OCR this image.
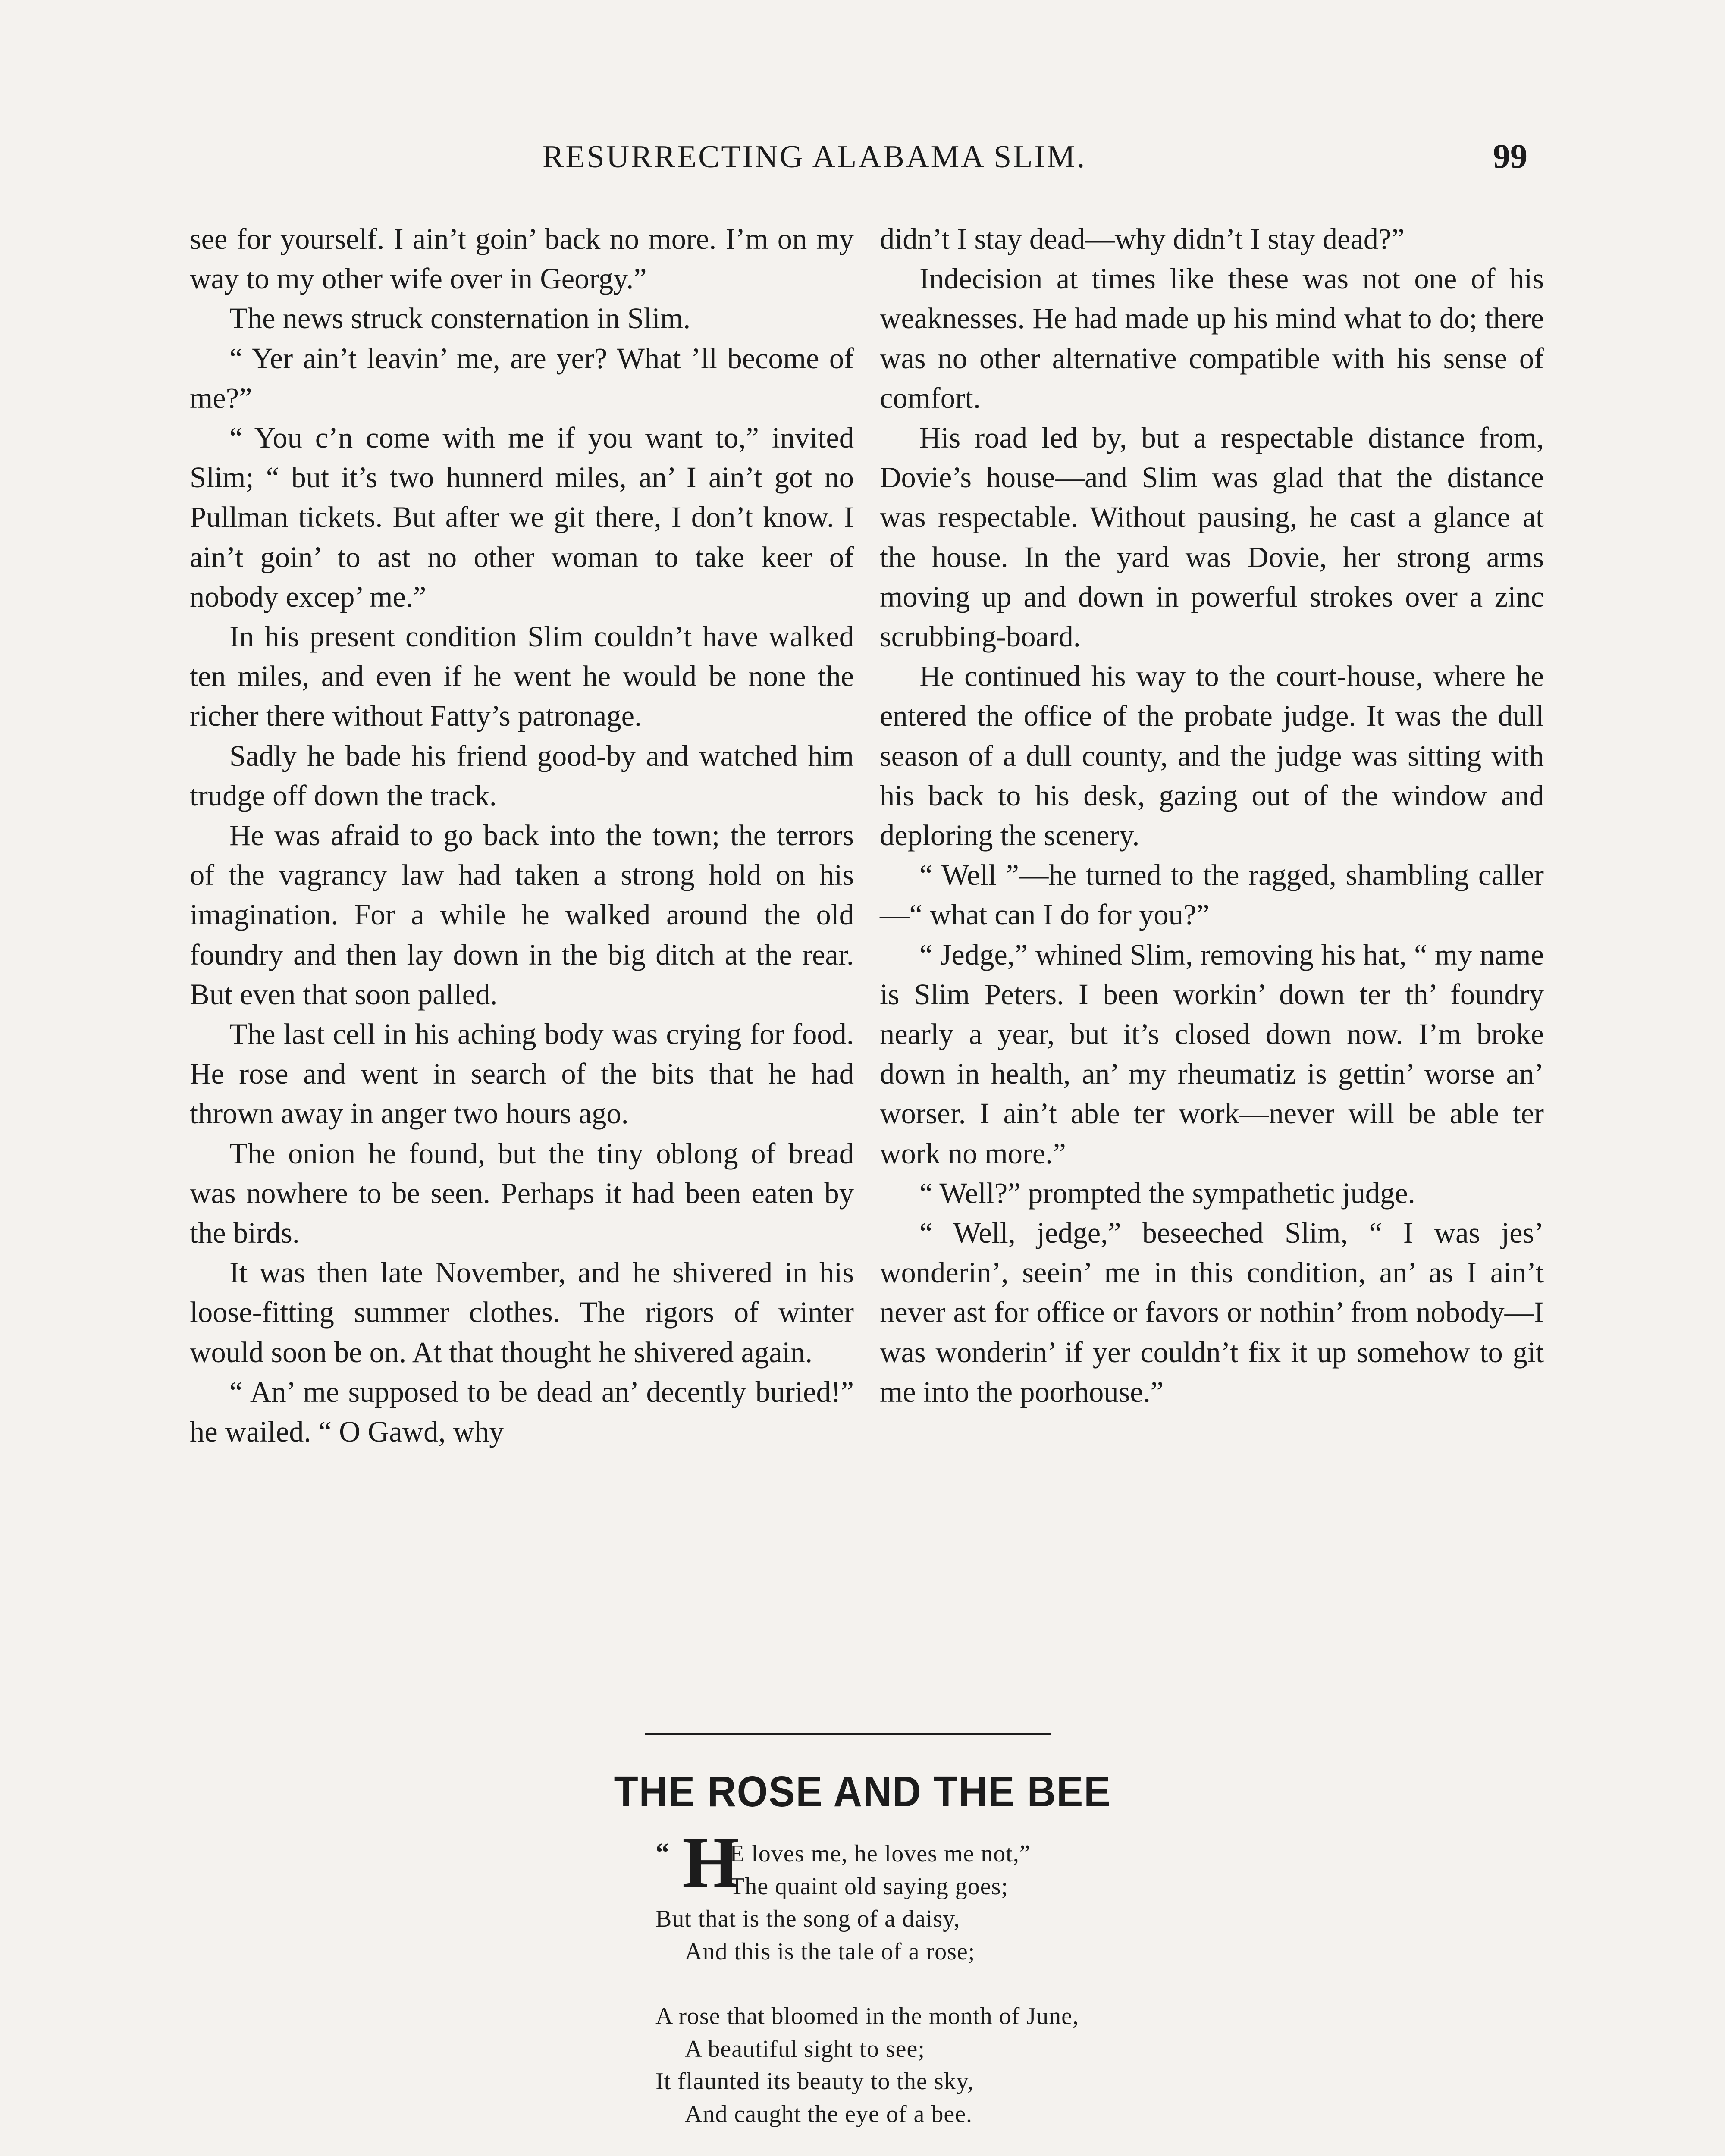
RESURRECTING ALABAMA SLIM.	99

see for yourself. I ain’t goin’ back no more. I’m on my way to my other wife over in Georgy.”

The news struck consternation in Slim.

“ Yer ain’t leavin’ me, are yer? What ’ll become of me?”

“ You c’n come with me if you want to,” invited Slim; “ but it’s two hunnerd miles, an’ I ain’t got no Pullman tickets. But after we git there, I don’t know. I ain’t goin’ to ast no other woman to take keer of nobody excep’ me.”

In his present condition Slim couldn’t have walked ten miles, and even if he went he would be none the richer there without Fatty’s patronage.

Sadly he bade his friend good-by and watched him trudge off down the track.

He was afraid to go back into the town; the terrors of the vagrancy law had taken a strong hold on his imagination. For a while he walked around the old foundry and then lay down in the big ditch at the rear. But even that soon palled.

The last cell in his aching body was crying for food. He rose and went in search of the bits that he had thrown away in anger two hours ago.

The onion he found, but the tiny oblong of bread was nowhere to be seen. Perhaps it had been eaten by the birds.

It was then late November, and he shivered in his loose-fitting summer clothes. The rigors of winter would soon be on. At that thought he shivered again.

“ An’ me supposed to be dead an’ decently buried!” he wailed. “ O Gawd, why

didn’t I stay dead—why didn’t I stay dead?”

Indecision at times like these was not one of his weaknesses. He had made up his mind what to do; there was no other alternative compatible with his sense of comfort.

His road led by, but a respectable distance from, Dovie’s house—and Slim was glad that the distance was respectable. Without pausing, he cast a glance at the house. In the yard was Dovie, her strong arms moving up and down in powerful strokes over a zinc scrubbing-board.

He continued his way to the court-house, where he entered the office of the probate judge. It was the dull season of a dull county, and the judge was sitting with his back to his desk, gazing out of the window and deploring the scenery.

“ Well ”—he turned to the ragged, shambling caller—“ what can I do for you?”

“ Jedge,” whined Slim, removing his hat, “ my name is Slim Peters. I been workin’ down ter th’ foundry nearly a year, but it’s closed down now. I’m broke down in health, an’ my rheumatiz is gettin’ worse an’ worser. I ain’t able ter work—never will be able ter work no more.”

“ Well?” prompted the sympathetic judge.

“ Well, jedge,” beseeched Slim, “ I was jes’ wonderin’, seein’ me in this condition, an’ as I ain’t never ast for office or favors or nothin’ from nobody—I was wonderin’ if yer couldn’t fix it up somehow to git me into the poorhouse.”

THE ROSE AND THE BEE
“ H
E loves me, he loves me not,”
The quaint old saying goes;
But that is the song of a daisy,
And this is the tale of a rose;
A rose that bloomed in the month of June,
A beautiful sight to see;
It flaunted its beauty to the sky,
And caught the eye of a bee.
